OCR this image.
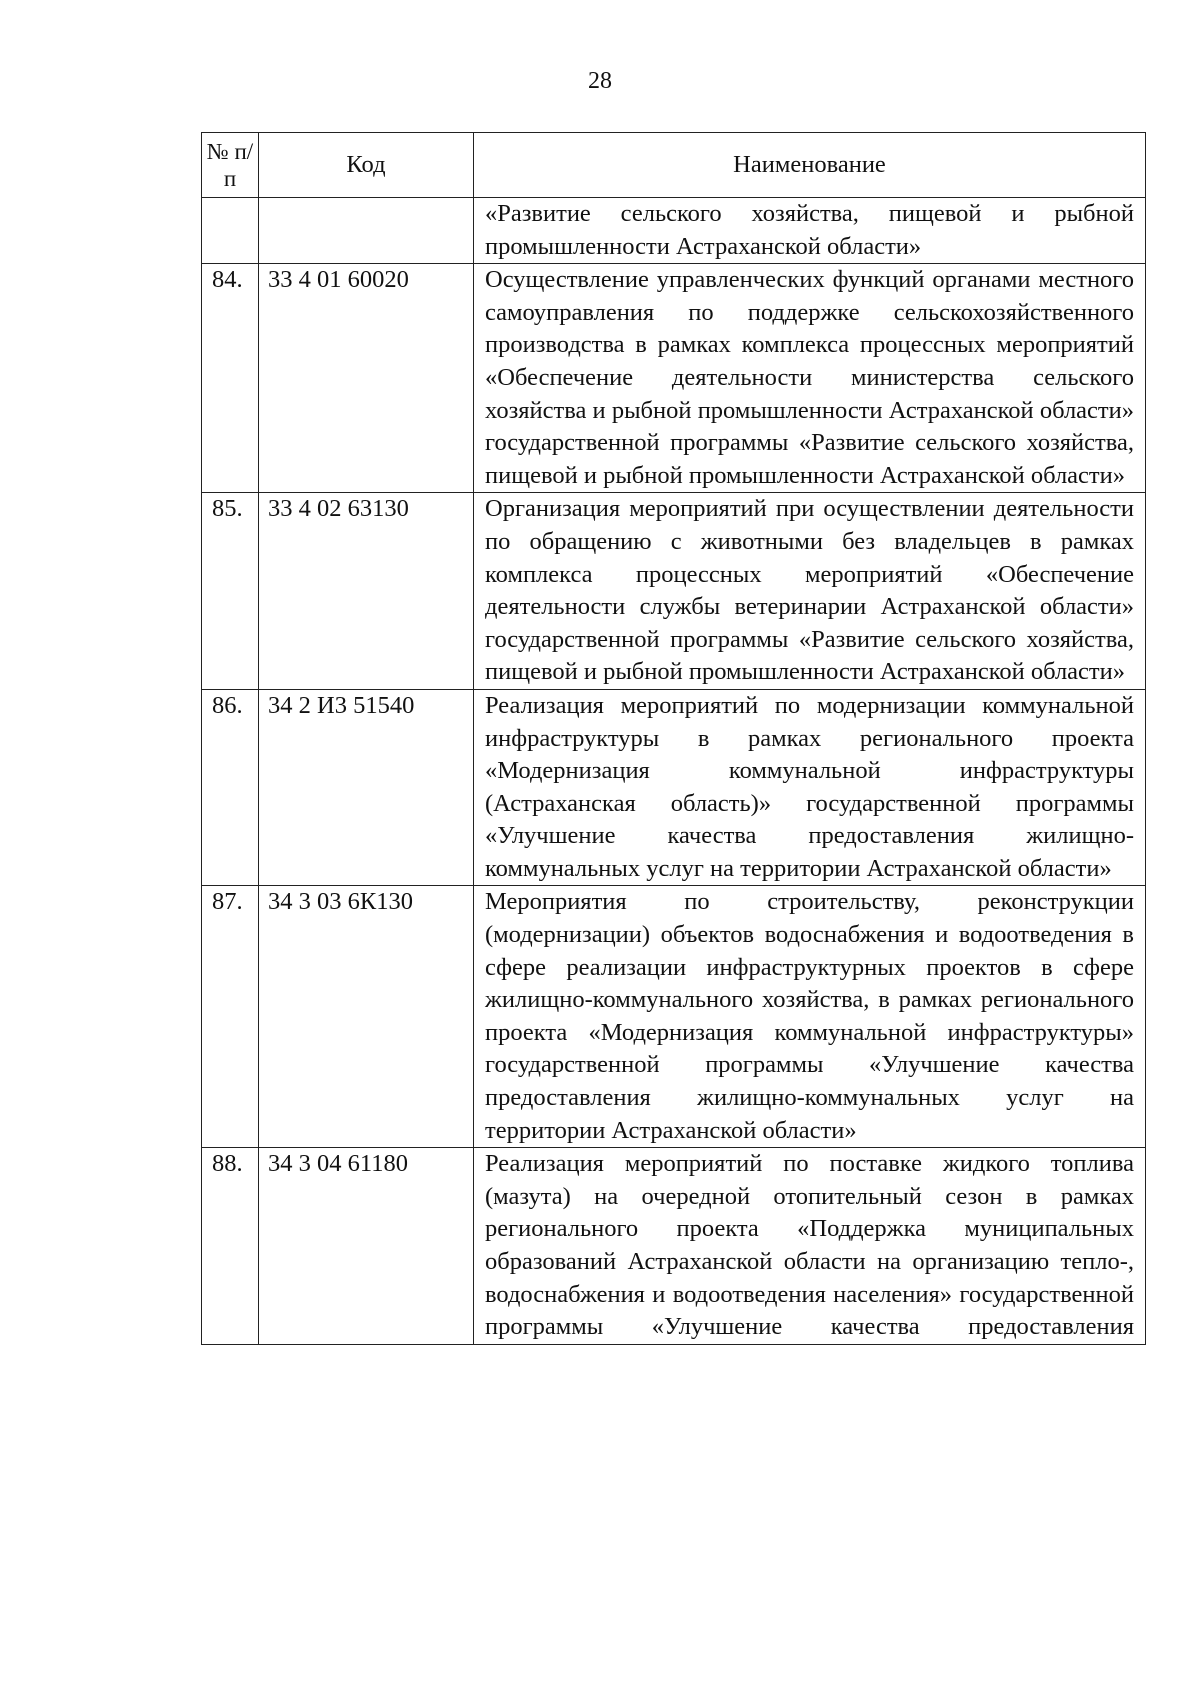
28
№ п/п	Код	Наименование
		«Развитие сельского хозяйства, пищевой и рыбной промышленности Астраханской области»
84.	33 4 01 60020	Осуществление управленческих функций органами местного самоуправления по поддержке сельскохозяйственного производства в рамках комплекса процессных мероприятий «Обеспечение деятельности министерства сельского хозяйства и рыбной промышленности Астраханской области» государственной программы «Развитие сельского хозяйства, пищевой и рыбной промышленности Астраханской области»
85.	33 4 02 63130	Организация мероприятий при осуществлении деятельности по обращению с животными без владельцев в рамках комплекса процессных мероприятий «Обеспечение деятельности службы ветеринарии Астраханской области» государственной программы «Развитие сельского хозяйства, пищевой и рыбной промышленности Астраханской области»
86.	34 2 И3 51540	Реализация мероприятий по модернизации коммунальной инфраструктуры в рамках регионального проекта «Модернизация коммунальной инфраструктуры (Астраханская область)» государственной программы «Улучшение качества предоставления жилищно-коммунальных услуг на территории Астраханской области»
87.	34 3 03 6К130	Мероприятия по строительству, реконструкции (модернизации) объектов водоснабжения и водоотведения в сфере реализации инфраструктурных проектов в сфере жилищно-коммунального хозяйства, в рамках регионального проекта «Модернизация коммунальной инфраструктуры» государственной программы «Улучшение качества предоставления жилищно-коммунальных услуг на территории Астраханской области»
88.	34 3 04 61180	Реализация мероприятий по поставке жидкого топлива (мазута) на очередной отопительный сезон в рамках регионального проекта «Поддержка муниципальных образований Астраханской области на организацию тепло-, водоснабжения и водоотведения населения» государственной программы «Улучшение качества предоставления
